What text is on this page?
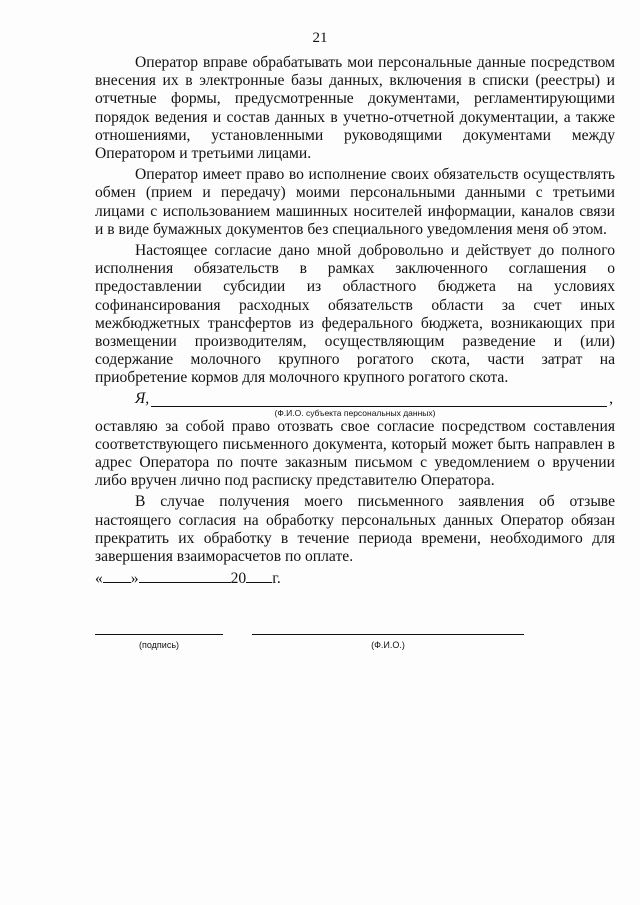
21

Оператор вправе обрабатывать мои персональные данные посредством внесения их в электронные базы данных, включения в списки (реестры) и отчетные формы, предусмотренные документами, регламентирующими порядок ведения и состав данных в учетно-отчетной документации, а также отношениями, установленными руководящими документами между Оператором и третьими лицами.

Оператор имеет право во исполнение своих обязательств осуществлять обмен (прием и передачу) моими персональными данными с третьими лицами с использованием машинных носителей информации, каналов связи и в виде бумажных документов без специального уведомления меня об этом.

Настоящее согласие дано мной добровольно и действует до полного исполнения обязательств в рамках заключенного соглашения о предоставлении субсидии из областного бюджета на условиях софинансирования расходных обязательств области за счет иных межбюджетных трансфертов из федерального бюджета, возникающих при возмещении производителям, осуществляющим разведение и (или) содержание молочного крупного рогатого скота, части затрат на приобретение кормов для молочного крупного рогатого скота.

Я,	,
(Ф.И.О. субъекта персональных данных)

оставляю за собой право отозвать свое согласие посредством составления соответствующего письменного документа, который может быть направлен в адрес Оператора по почте заказным письмом с уведомлением о вручении либо вручен лично под расписку представителю Оператора.

В случае получения моего письменного заявления об отзыве настоящего согласия на обработку персональных данных Оператор обязан прекратить их обработку в течение периода времени, необходимого для завершения взаиморасчетов по оплате.

« »	20 г.
(подпись)	(Ф.И.О.)
